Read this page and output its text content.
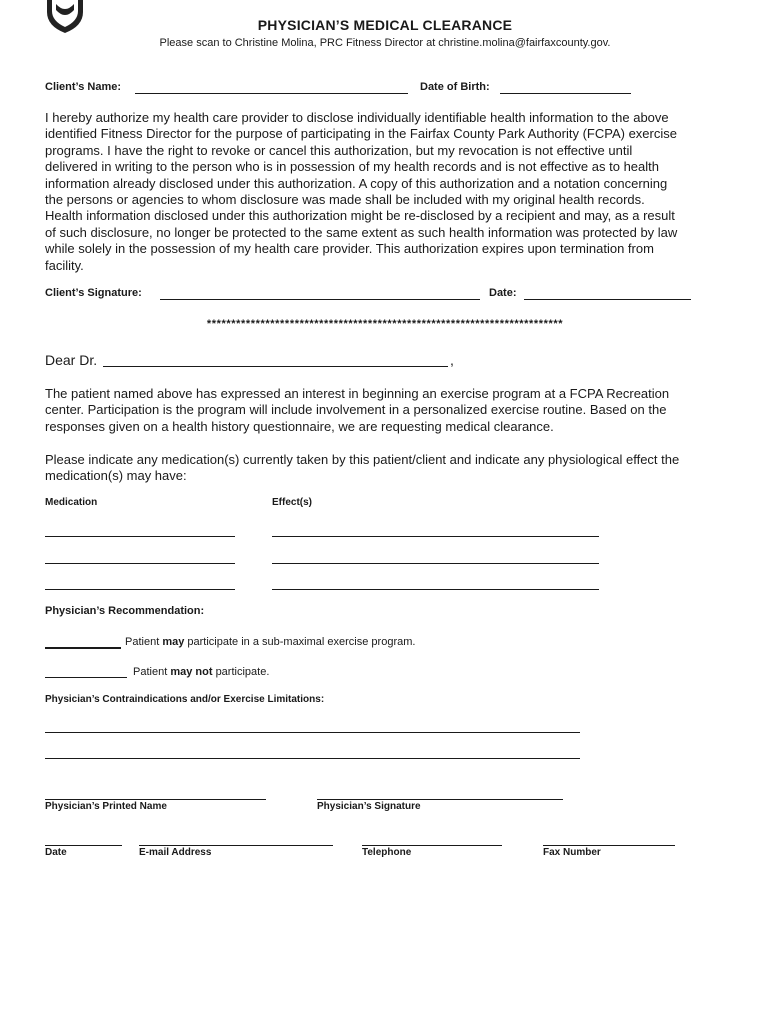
PHYSICIAN’S MEDICAL CLEARANCE
Please scan to Christine Molina, PRC Fitness Director at christine.molina@fairfaxcounty.gov.
Client’s Name:	Date of Birth:
I hereby authorize my health care provider to disclose individually identifiable health information to the above
identified Fitness Director for the purpose of participating in the Fairfax County Park Authority (FCPA) exercise
programs. I have the right to revoke or cancel this authorization, but my revocation is not effective until
delivered in writing to the person who is in possession of my health records and is not effective as to health
information already disclosed under this authorization. A copy of this authorization and a notation concerning
the persons or agencies to whom disclosure was made shall be included with my original health records.
Health information disclosed under this authorization might be re-disclosed by a recipient and may, as a result
of such disclosure, no longer be protected to the same extent as such health information was protected by law
while solely in the possession of my health care provider. This authorization expires upon termination from
facility.
Client’s Signature:	Date:
*************************************************************************
Dear Dr.	,
The patient named above has expressed an interest in beginning an exercise program at a FCPA Recreation
center. Participation is the program will include involvement in a personalized exercise routine. Based on the
responses given on a health history questionnaire, we are requesting medical clearance.
Please indicate any medication(s) currently taken by this patient/client and indicate any physiological effect the
medication(s) may have:
Medication	Effect(s)
Physician’s Recommendation:
Patient may participate in a sub-maximal exercise program.
Patient may not participate.
Physician’s Contraindications and/or Exercise Limitations:
Physician’s Printed Name	Physician’s Signature
Date	E-mail Address	Telephone	Fax Number
